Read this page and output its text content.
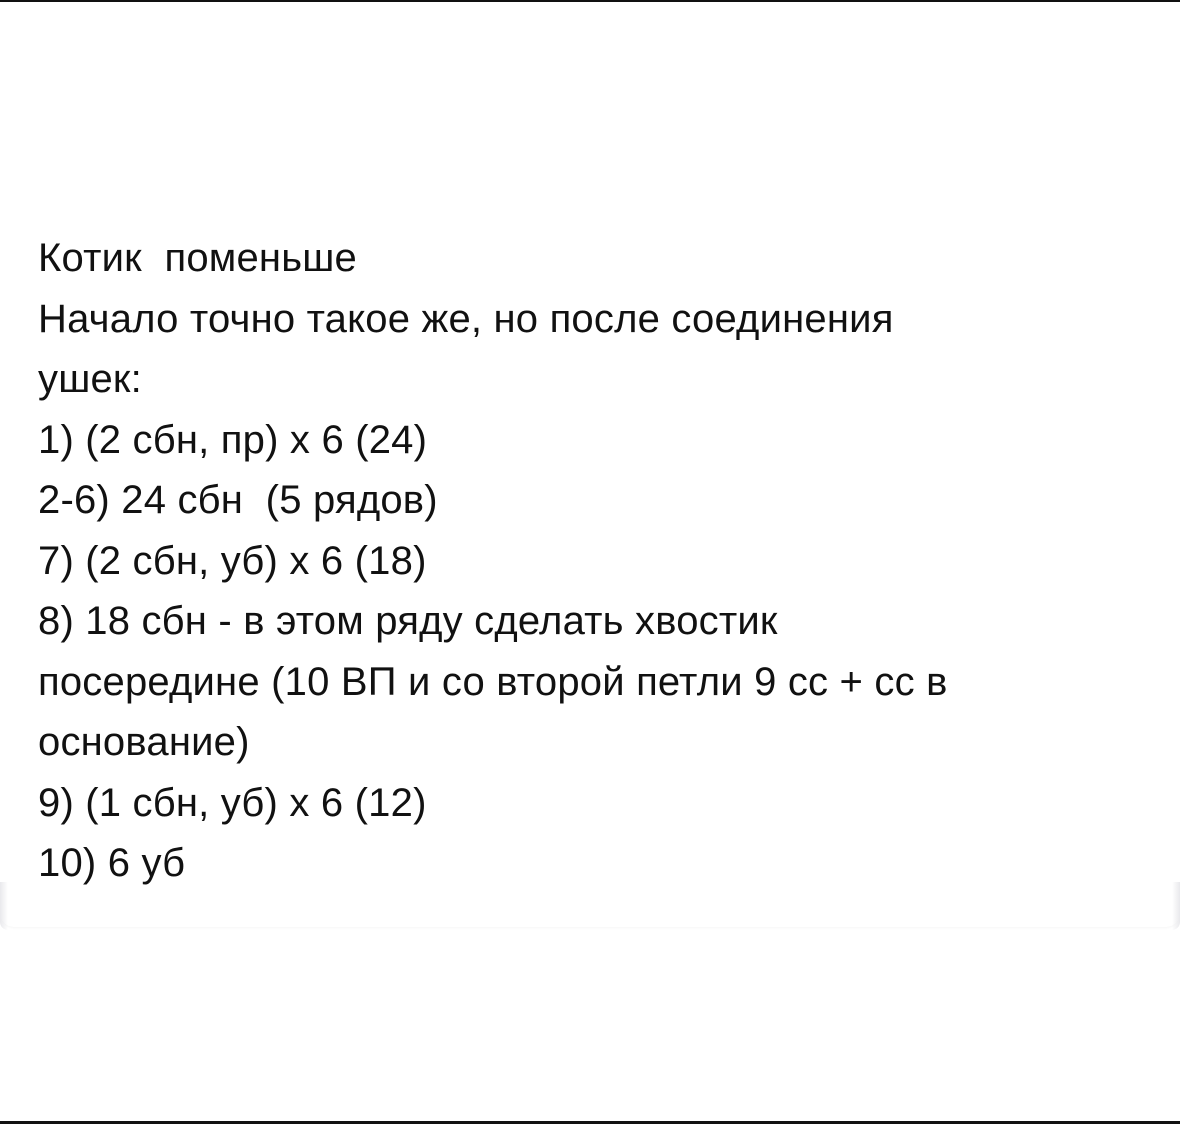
Котик  поменьше
Начало точно такое же, но после соединения
ушек:
1) (2 сбн, пр) х 6 (24)
2-6) 24 сбн  (5 рядов)
7) (2 сбн, уб) х 6 (18)
8) 18 сбн - в этом ряду сделать хвостик
посередине (10 ВП и со второй петли 9 сс + сс в
основание)
9) (1 сбн, уб) х 6 (12)
10) 6 уб
